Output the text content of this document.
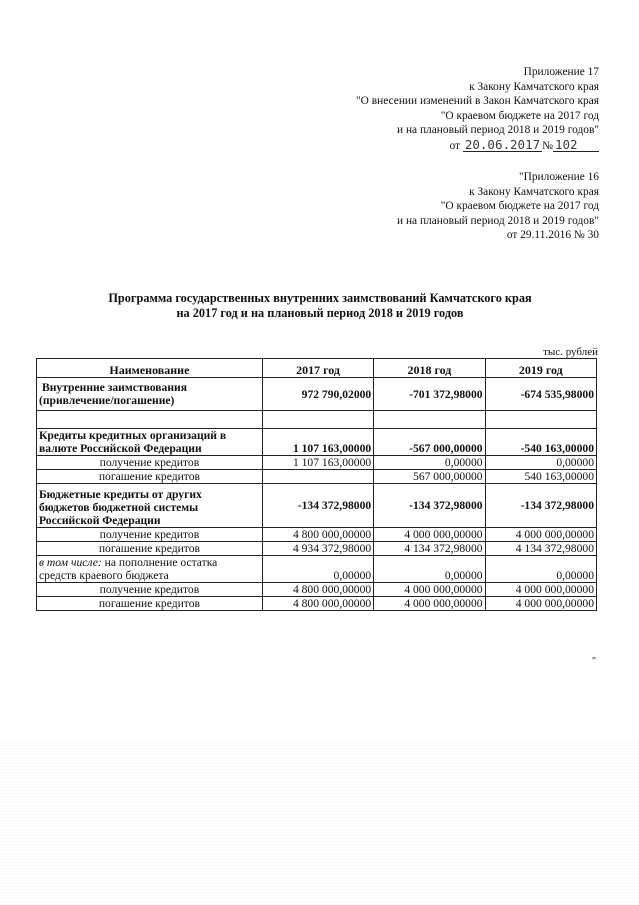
Приложение 17
к Закону Камчатского края
"О внесении изменений в Закон Камчатского края
"О краевом бюджете на 2017 год
и на плановый период 2018 и 2019 годов"
от 20.06.2017 № 102
"Приложение 16
к Закону Камчатского края
"О краевом бюджете на 2017 год
и на плановый период 2018 и 2019 годов"
от 29.11.2016 № 30
Программа государственных внутренних заимствований Камчатского края
на 2017 год и на плановый период 2018 и 2019 годов
тыс. рублей
Наименование	2017 год	2018 год	2019 год

Внутренние заимствования
(привлечение/погашение)	972 790,02000	-701 372,98000	-674 535,98000

Кредиты кредитных организаций в
валюте Российской Федерации	1 107 163,00000	-567 000,00000	-540 163,00000
получение кредитов	1 107 163,00000	0,00000	0,00000
погашение кредитов		567 000,00000	540 163,00000

Бюджетные кредиты от других
бюджетов бюджетной системы
Российской Федерации	-134 372,98000	-134 372,98000	-134 372,98000
получение кредитов	4 800 000,00000	4 000 000,00000	4 000 000,00000
погашение кредитов	4 934 372,98000	4 134 372,98000	4 134 372,98000

в том числе: на пополнение остатка
средств краевого бюджета	0,00000	0,00000	0,00000
получение кредитов	4 800 000,00000	4 000 000,00000	4 000 000,00000
погашение кредитов	4 800 000,00000	4 000 000,00000	4 000 000,00000
"
